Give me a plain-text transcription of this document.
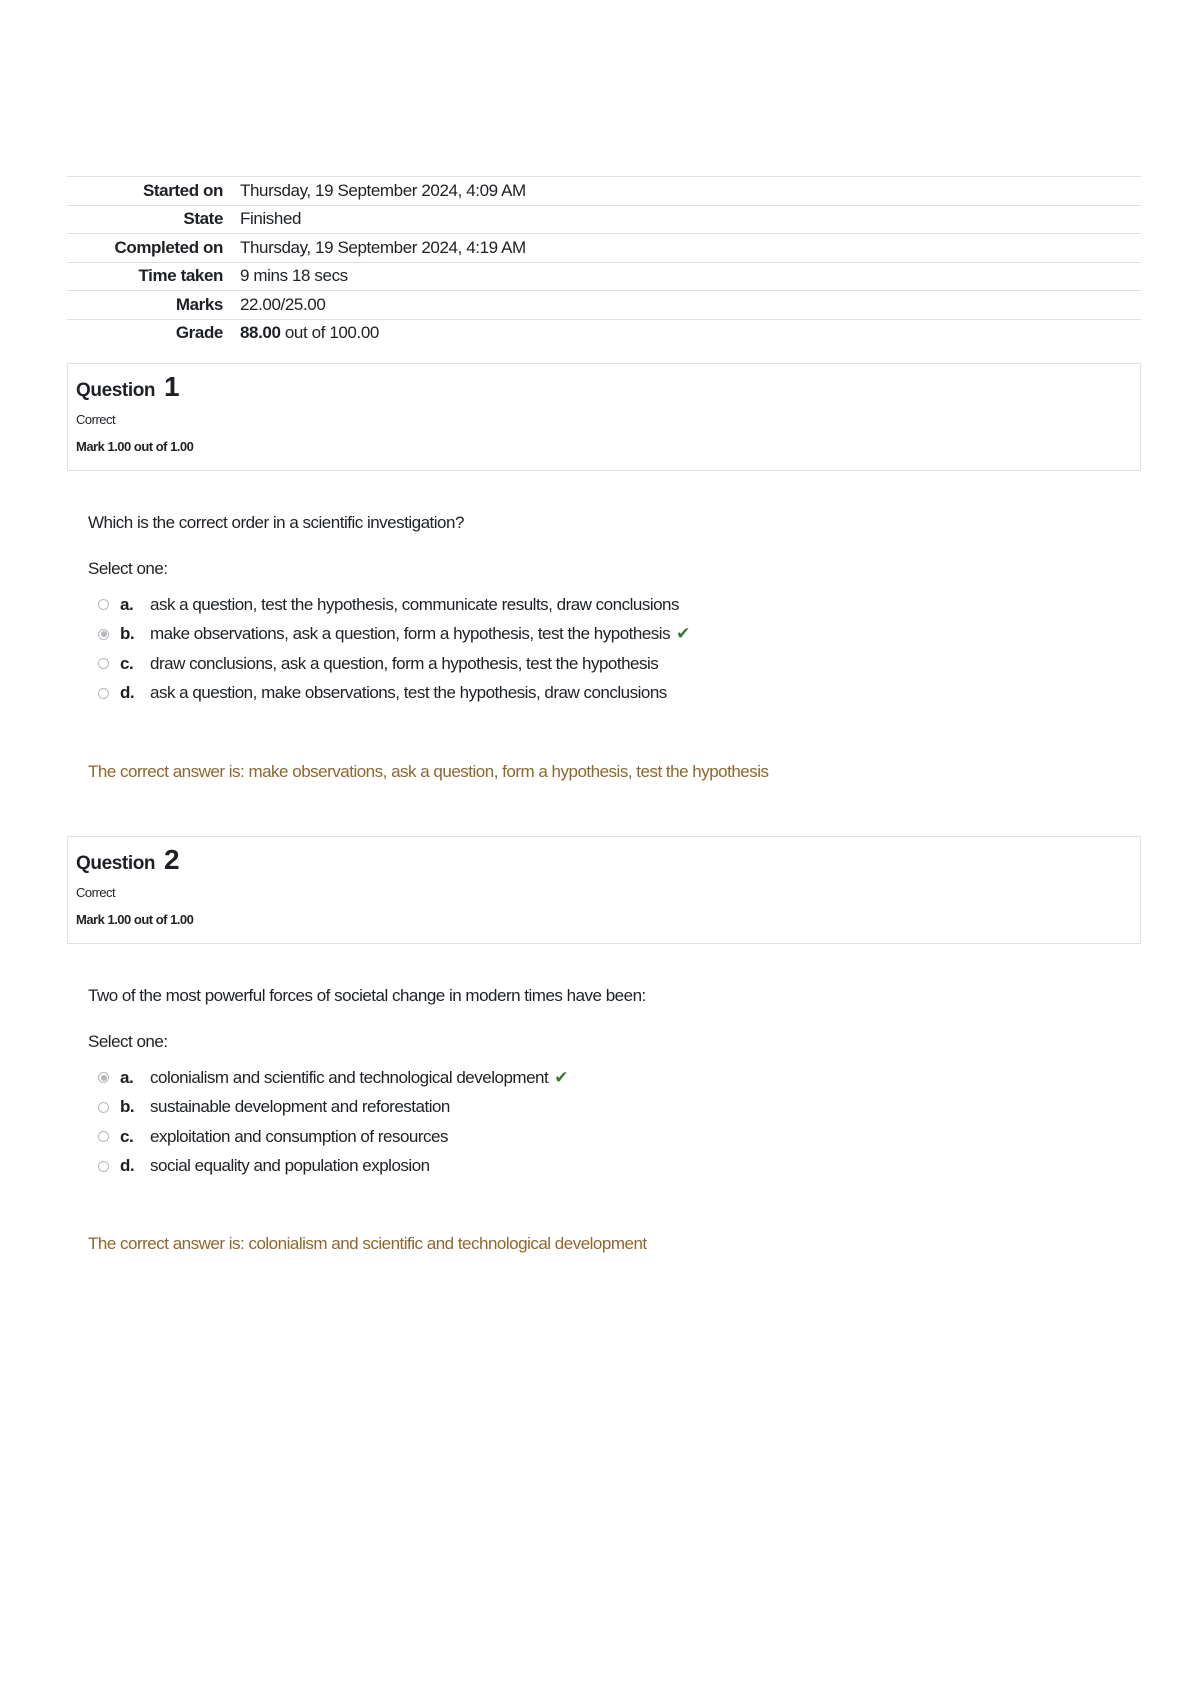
Started on	Thursday, 19 September 2024, 4:09 AM
State	Finished
Completed on	Thursday, 19 September 2024, 4:19 AM
Time taken	9 mins 18 secs
Marks	22.00/25.00
Grade	88.00 out of 100.00
Question 1
Correct
Mark 1.00 out of 1.00

Which is the correct order in a scientific investigation?

Select one:

a. ask a question, test the hypothesis, communicate results, draw conclusions
b. make observations, ask a question, form a hypothesis, test the hypothesis ✔
c. draw conclusions, ask a question, form a hypothesis, test the hypothesis
d. ask a question, make observations, test the hypothesis, draw conclusions
The correct answer is: make observations, ask a question, form a hypothesis, test the hypothesis
Question 2
Correct
Mark 1.00 out of 1.00

Two of the most powerful forces of societal change in modern times have been:

Select one:

a. colonialism and scientific and technological development ✔
b. sustainable development and reforestation
c. exploitation and consumption of resources
d. social equality and population explosion
The correct answer is: colonialism and scientific and technological development
